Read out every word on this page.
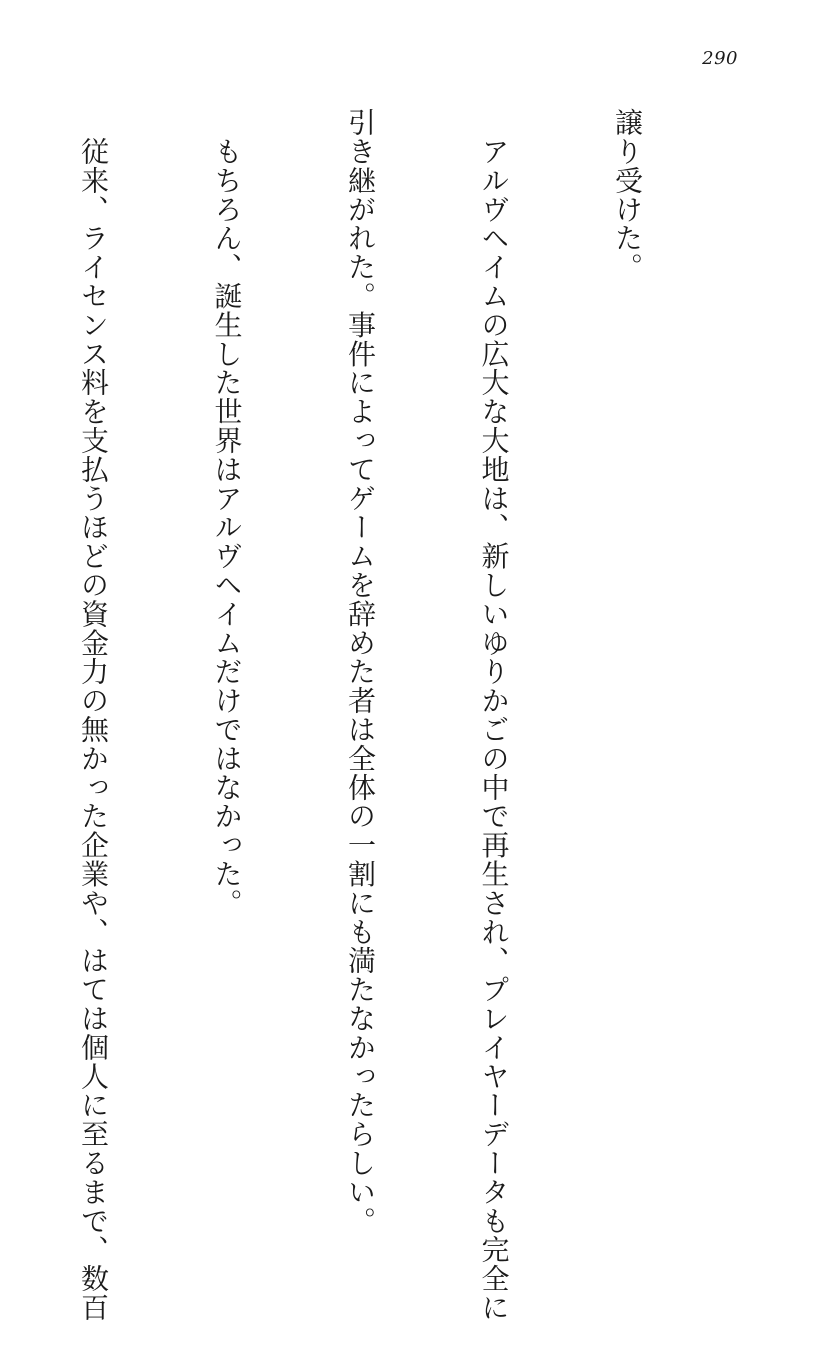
290

譲り受けた。

　アルヴヘイムの広大な大地は、新しいゆりかごの中で再生され、プレイヤーデータも完全に

引き継がれた。事件によってゲームを辞めた者は全体の一割にも満たなかったらしい。

　もちろん、誕生した世界はアルヴヘイムだけではなかった。

　従来、ライセンス料を支払うほどの資金力の無かった企業や、はては個人に至るまで、数百
